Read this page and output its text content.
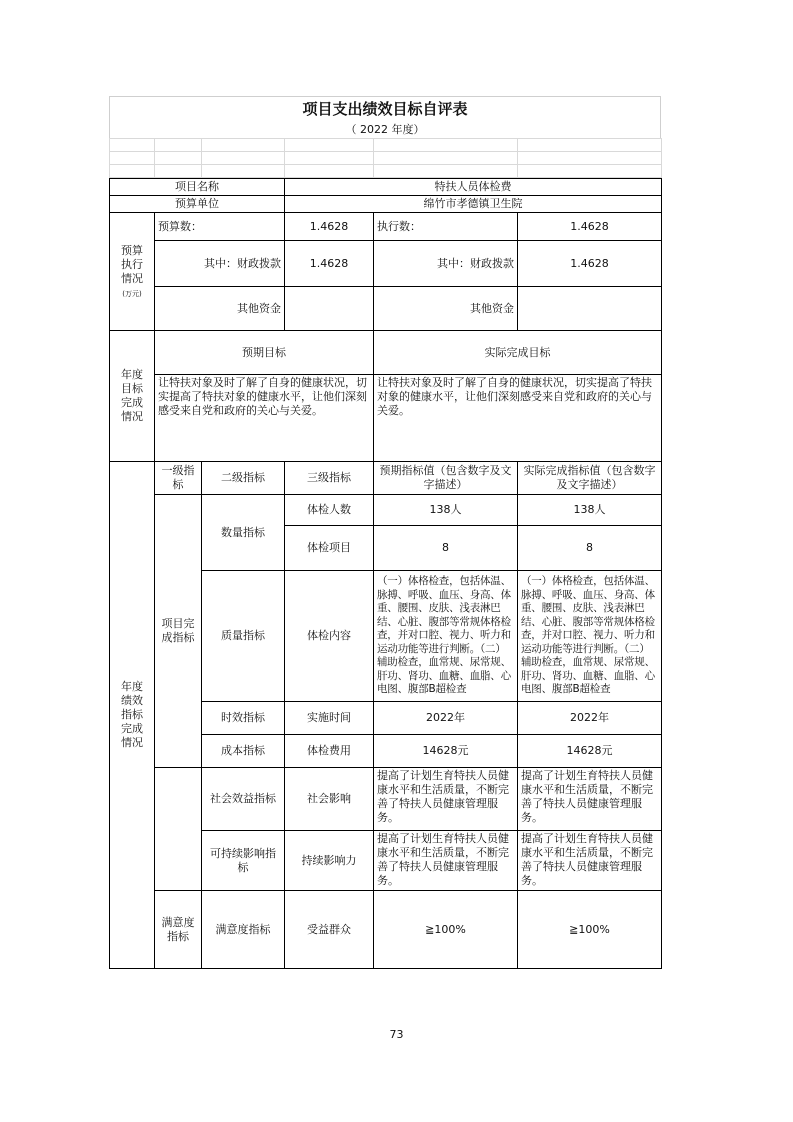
项目支出绩效目标自评表
（ 2022 年度）

项目名称			特扶人员体检费		
预算单位			绵竹市孝德镇卫生院		
预算
执行
情况
(万元)	预算数：		1.4628	执行数：	1.4628
	其中：财政拨款		1.4628	其中：财政拨款	1.4628
	其他资金			其他资金	
年度
目标
完成
情况	预期目标			实际完成目标	
	让特扶对象及时了解了自身的健康状况，切实提高了特扶对象的健康水平，让他们深刻感受来自党和政府的关心与关爱。			让特扶对象及时了解了自身的健康状况，切实提高了特扶对象的健康水平，让他们深刻感受来自党和政府的关心与关爱。	
年度
绩效
指标
完成
情况	一级指标	二级指标	三级指标	预期指标值（包含数字及文字描述）	实际完成指标值（包含数字及文字描述）
	项目完成指标	数量指标	体检人数	138人	138人
			体检项目	8	8
		质量指标	体检内容	（一）体格检查，包括体温、脉搏、呼吸、血压、身高、体重、腰围、皮肤、浅表淋巴结、心脏、腹部等常规体格检查，并对口腔、视力、听力和运动功能等进行判断。（二）辅助检查，血常规、尿常规、肝功、肾功、血糖、血脂、心电图、腹部B超检查	（一）体格检查，包括体温、脉搏、呼吸、血压、身高、体重、腰围、皮肤、浅表淋巴结、心脏、腹部等常规体格检查，并对口腔、视力、听力和运动功能等进行判断。（二）辅助检查，血常规、尿常规、肝功、肾功、血糖、血脂、心电图、腹部B超检查
		时效指标	实施时间	2022年	2022年
		成本指标	体检费用	14628元	14628元
		社会效益指标	社会影响	提高了计划生育特扶人员健康水平和生活质量，不断完善了特扶人员健康管理服务。	提高了计划生育特扶人员健康水平和生活质量，不断完善了特扶人员健康管理服务。
		可持续影响指标	持续影响力	提高了计划生育特扶人员健康水平和生活质量，不断完善了特扶人员健康管理服务。	提高了计划生育特扶人员健康水平和生活质量，不断完善了特扶人员健康管理服务。
	满意度指标	满意度指标	受益群众	≧100%	≧100%
73
